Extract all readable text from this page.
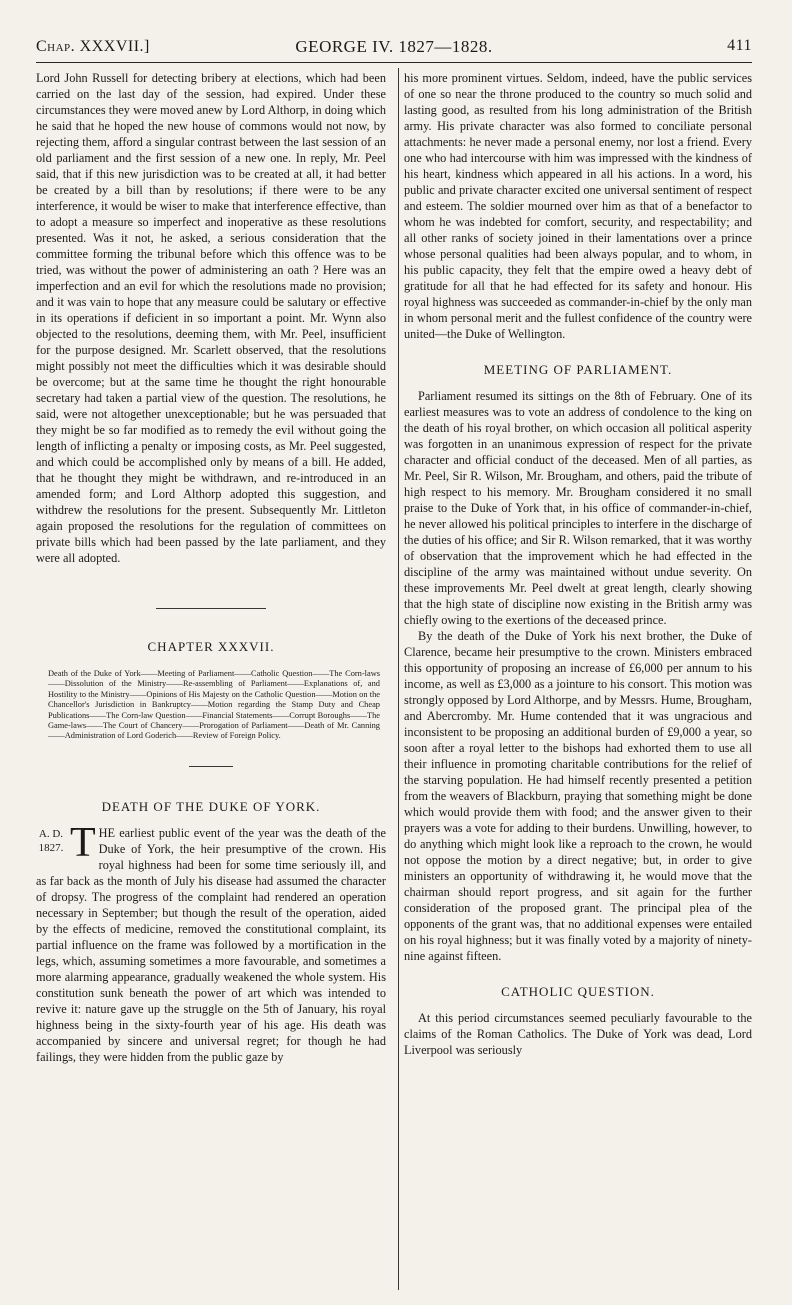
Chap. XXXVII.]	GEORGE IV. 1827—1828.	411

Lord John Russell for detecting bribery at elections, which had been carried on the last day of the session, had expired. Under these circumstances they were moved anew by Lord Althorp, in doing which he said that he hoped the new house of commons would not now, by rejecting them, afford a singular contrast between the last session of an old parliament and the first session of a new one. In reply, Mr. Peel said, that if this new jurisdiction was to be created at all, it had better be created by a bill than by resolutions; if there were to be any interference, it would be wiser to make that interference effective, than to adopt a measure so imperfect and inoperative as these resolutions presented. Was it not, he asked, a serious consideration that the committee forming the tribunal before which this offence was to be tried, was without the power of administering an oath ? Here was an imperfection and an evil for which the resolutions made no provision; and it was vain to hope that any measure could be salutary or effective in its operations if deficient in so important a point. Mr. Wynn also objected to the resolutions, deeming them, with Mr. Peel, insufficient for the purpose designed. Mr. Scarlett observed, that the resolutions might possibly not meet the difficulties which it was desirable should be overcome; but at the same time he thought the right honourable secretary had taken a partial view of the question. The resolutions, he said, were not altogether unexceptionable; but he was persuaded that they might be so far modified as to remedy the evil without going the length of inflicting a penalty or imposing costs, as Mr. Peel suggested, and which could be accomplished only by means of a bill. He added, that he thought they might be withdrawn, and re-introduced in an amended form; and Lord Althorp adopted this suggestion, and withdrew the resolutions for the present. Subsequently Mr. Littleton again proposed the resolutions for the regulation of committees on private bills which had been passed by the late parliament, and they were all adopted.

CHAPTER XXXVII.

Death of the Duke of York——Meeting of Parliament——Catholic Question——The Corn-laws——Dissolution of the Ministry——Re-assembling of Parliament——Explanations of, and Hostility to the Ministry——Opinions of His Majesty on the Catholic Question——Motion on the Chancellor's Jurisdiction in Bankruptcy——Motion regarding the Stamp Duty and Cheap Publications——The Corn-law Question——Financial Statements——Corrupt Boroughs——The Game-laws——The Court of Chancery——Prorogation of Parliament——Death of Mr. Canning——Administration of Lord Goderich——Review of Foreign Policy.

DEATH OF THE DUKE OF YORK.
A. D.
1827. T HE earliest public event of the year was the death of the Duke of York, the heir presumptive of the crown. His royal highness had been for some time seriously ill, and as far back as the month of July his disease had assumed the character of dropsy. The progress of the complaint had rendered an operation necessary in September; but though the result of the operation, aided by the effects of medicine, removed the constitutional complaint, its partial influence on the frame was followed by a mortification in the legs, which, assuming sometimes a more favourable, and sometimes a more alarming appearance, gradually weakened the whole system. His constitution sunk beneath the power of art which was intended to revive it: nature gave up the struggle on the 5th of January, his royal highness being in the sixty-fourth year of his age. His death was accompanied by sincere and universal regret; for though he had failings, they were hidden from the public gaze by

his more prominent virtues. Seldom, indeed, have the public services of one so near the throne produced to the country so much solid and lasting good, as resulted from his long administration of the British army. His private character was also formed to conciliate personal attachments: he never made a personal enemy, nor lost a friend. Every one who had intercourse with him was impressed with the kindness of his heart, kindness which appeared in all his actions. In a word, his public and private character excited one universal sentiment of respect and esteem. The soldier mourned over him as that of a benefactor to whom he was indebted for comfort, security, and respectability; and all other ranks of society joined in their lamentations over a prince whose personal qualities had been always popular, and to whom, in his public capacity, they felt that the empire owed a heavy debt of gratitude for all that he had effected for its safety and honour. His royal highness was succeeded as commander-in-chief by the only man in whom personal merit and the fullest confidence of the country were united—the Duke of Wellington.

MEETING OF PARLIAMENT.

Parliament resumed its sittings on the 8th of February. One of its earliest measures was to vote an address of condolence to the king on the death of his royal brother, on which occasion all political asperity was forgotten in an unanimous expression of respect for the private character and official conduct of the deceased. Men of all parties, as Mr. Peel, Sir R. Wilson, Mr. Brougham, and others, paid the tribute of high respect to his memory. Mr. Brougham considered it no small praise to the Duke of York that, in his office of commander-in-chief, he never allowed his political principles to interfere in the discharge of the duties of his office; and Sir R. Wilson remarked, that it was worthy of observation that the improvement which he had effected in the discipline of the army was maintained without undue severity. On these improvements Mr. Peel dwelt at great length, clearly showing that the high state of discipline now existing in the British army was chiefly owing to the exertions of the deceased prince.

By the death of the Duke of York his next brother, the Duke of Clarence, became heir presumptive to the crown. Ministers embraced this opportunity of proposing an increase of £6,000 per annum to his income, as well as £3,000 as a jointure to his consort. This motion was strongly opposed by Lord Althorpe, and by Messrs. Hume, Brougham, and Abercromby. Mr. Hume contended that it was ungracious and inconsistent to be proposing an additional burden of £9,000 a year, so soon after a royal letter to the bishops had exhorted them to use all their influence in promoting charitable contributions for the relief of the starving population. He had himself recently presented a petition from the weavers of Blackburn, praying that something might be done which would provide them with food; and the answer given to their prayers was a vote for adding to their burdens. Unwilling, however, to do anything which might look like a reproach to the crown, he would not oppose the motion by a direct negative; but, in order to give ministers an opportunity of withdrawing it, he would move that the chairman should report progress, and sit again for the further consideration of the proposed grant. The principal plea of the opponents of the grant was, that no additional expenses were entailed on his royal highness; but it was finally voted by a majority of ninety-nine against fifteen.

CATHOLIC QUESTION.

At this period circumstances seemed peculiarly favourable to the claims of the Roman Catholics. The Duke of York was dead, Lord Liverpool was seriously
